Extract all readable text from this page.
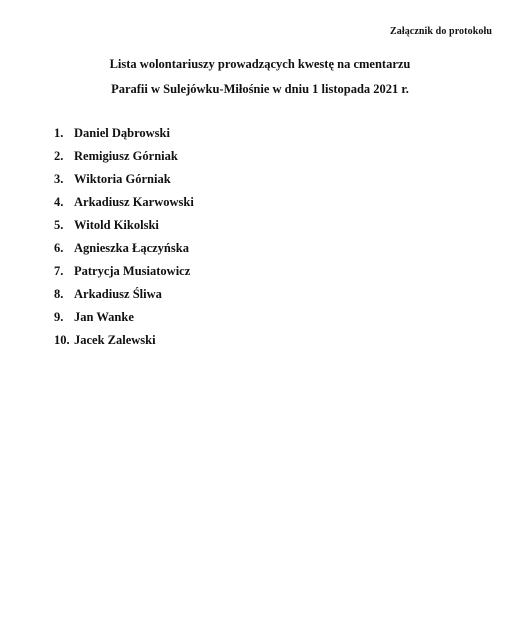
Załącznik do protokołu
Lista wolontariuszy prowadzących kwestę na cmentarzu
Parafii w Sulejówku-Miłośnie w dniu 1 listopada 2021 r.
1. Daniel Dąbrowski
2. Remigiusz Górniak
3. Wiktoria Górniak
4. Arkadiusz Karwowski
5. Witold Kikolski
6. Agnieszka Łączyńska
7. Patrycja Musiatowicz
8. Arkadiusz Śliwa
9. Jan Wanke
10. Jacek Zalewski
